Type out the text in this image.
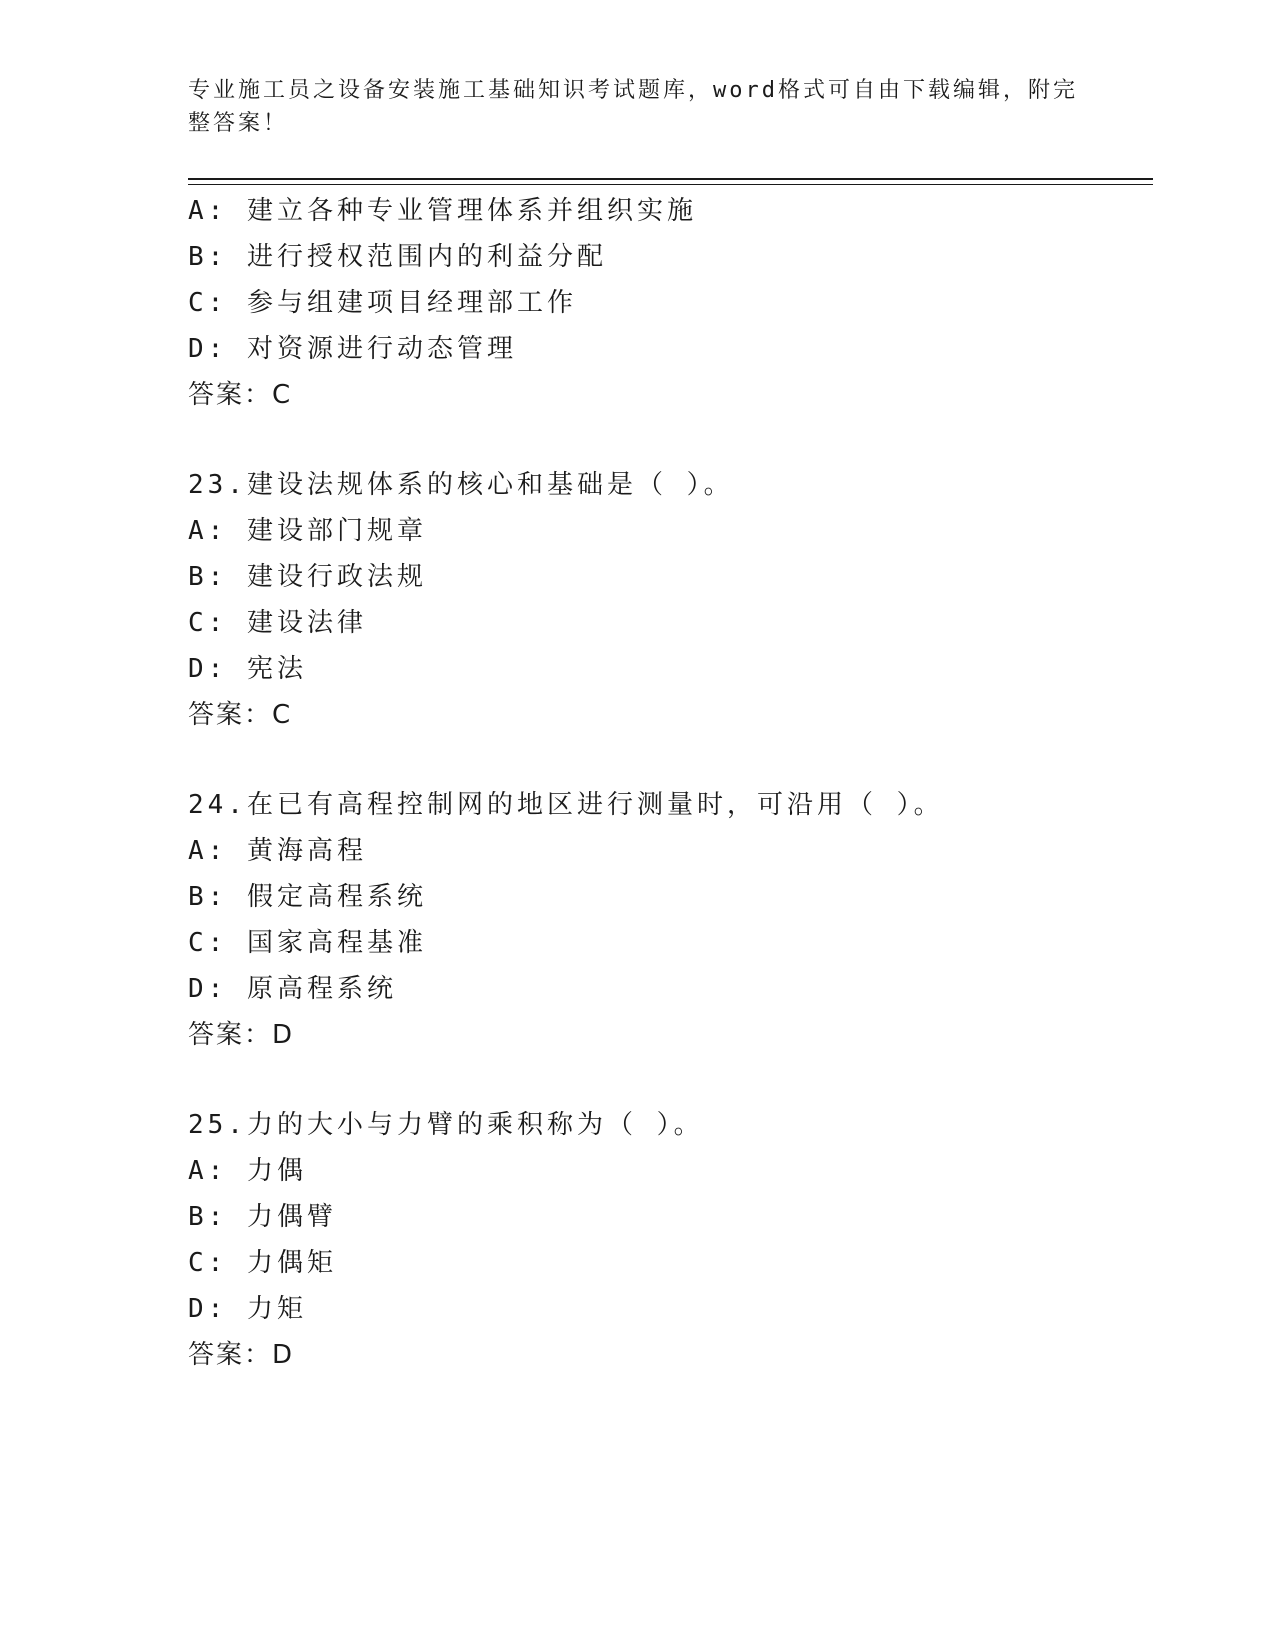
专业施工员之设备安装施工基础知识考试题库，word格式可自由下载编辑，附完
整答案！
A: 建立各种专业管理体系并组织实施
B: 进行授权范围内的利益分配
C: 参与组建项目经理部工作
D: 对资源进行动态管理
答案：C
23.建设法规体系的核心和基础是（ ）。
A: 建设部门规章
B: 建设行政法规
C: 建设法律
D: 宪法
答案：C
24.在已有高程控制网的地区进行测量时，可沿用（ ）。
A: 黄海高程
B: 假定高程系统
C: 国家高程基准
D: 原高程系统
答案：D
25.力的大小与力臂的乘积称为（ ）。
A: 力偶
B: 力偶臂
C: 力偶矩
D: 力矩
答案：D
